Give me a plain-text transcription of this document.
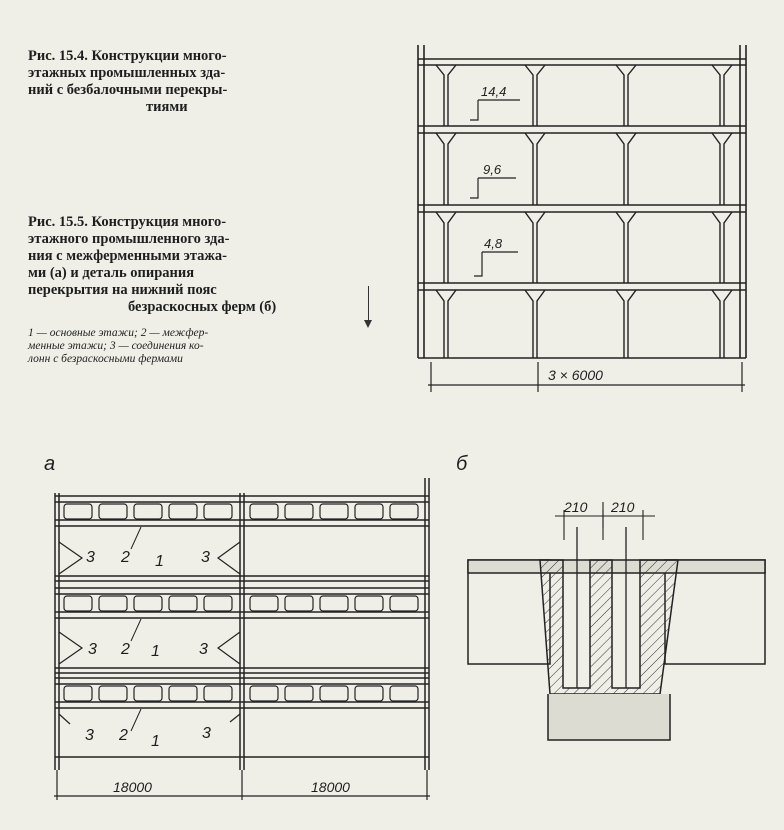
Рис. 15.4. Конструкции много-
этажных промышленных зда-
ний с безбалочными перекры-
тиями
Рис. 15.5. Конструкция много-
этажного промышленного зда-
ния с межферменными этажа-
ми (а) и деталь опирания
перекрытия на нижний пояс
безраскосных ферм (б)
1 — основные этажи; 2 — межфер-
менные этажи; 3 — соединения ко-
лонн с безраскосными фермами
14,4
9,6
4,8
3 × 6000
а
3 2 1 3
3 2 1 3
3 2 1	3
18000	18000
б
210 210
